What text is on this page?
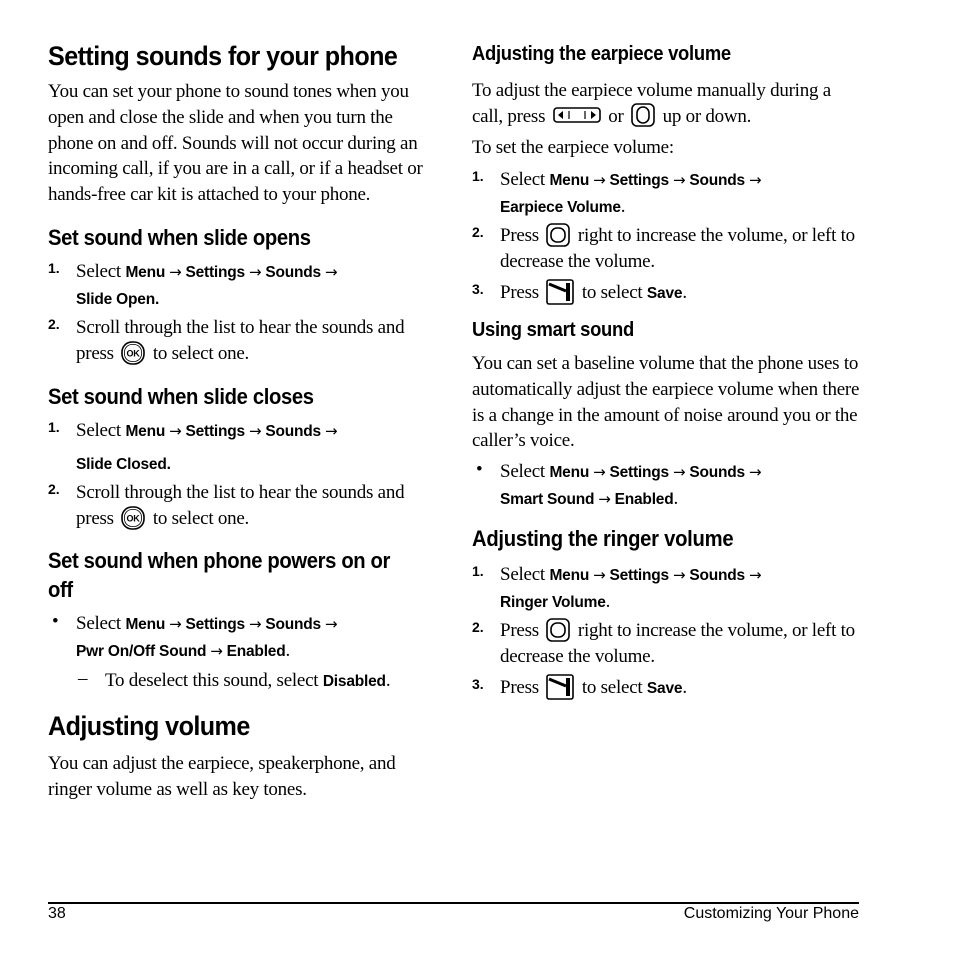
Setting sounds for your phone

You can set your phone to sound tones when you open and close the slide and when you turn the phone on and off. Sounds will not occur during an incoming call, if you are in a call, or if a headset or hands-free car kit is attached to your phone.

Set sound when slide opens
1. Select Menu → Settings → Sounds →
Slide Open.
2. Scroll through the list to hear the sounds and press OK to select one.
Set sound when slide closes
1. Select Menu → Settings → Sounds →
Slide Closed.
2. Scroll through the list to hear the sounds and press OK to select one.
Set sound when phone powers on or off
• Select Menu → Settings → Sounds →
Pwr On/Off Sound → Enabled.
– To deselect this sound, select Disabled.
Adjusting volume

You can adjust the earpiece, speakerphone, and ringer volume as well as key tones.

Adjusting the earpiece volume

To adjust the earpiece volume manually during a call, press	or up or down.

To set the earpiece volume:

1. Select Menu → Settings → Sounds →
Earpiece Volume.
2. Press right to increase the volume, or left to decrease the volume.
3. Press to select Save.
Using smart sound

You can set a baseline volume that the phone uses to automatically adjust the earpiece volume when there is a change in the amount of noise around you or the caller’s voice.

• Select Menu → Settings → Sounds →
Smart Sound → Enabled.
Adjusting the ringer volume
1. Select Menu → Settings → Sounds →
Ringer Volume.
2. Press right to increase the volume, or left to decrease the volume.
3. Press to select Save.
38	Customizing Your Phone
